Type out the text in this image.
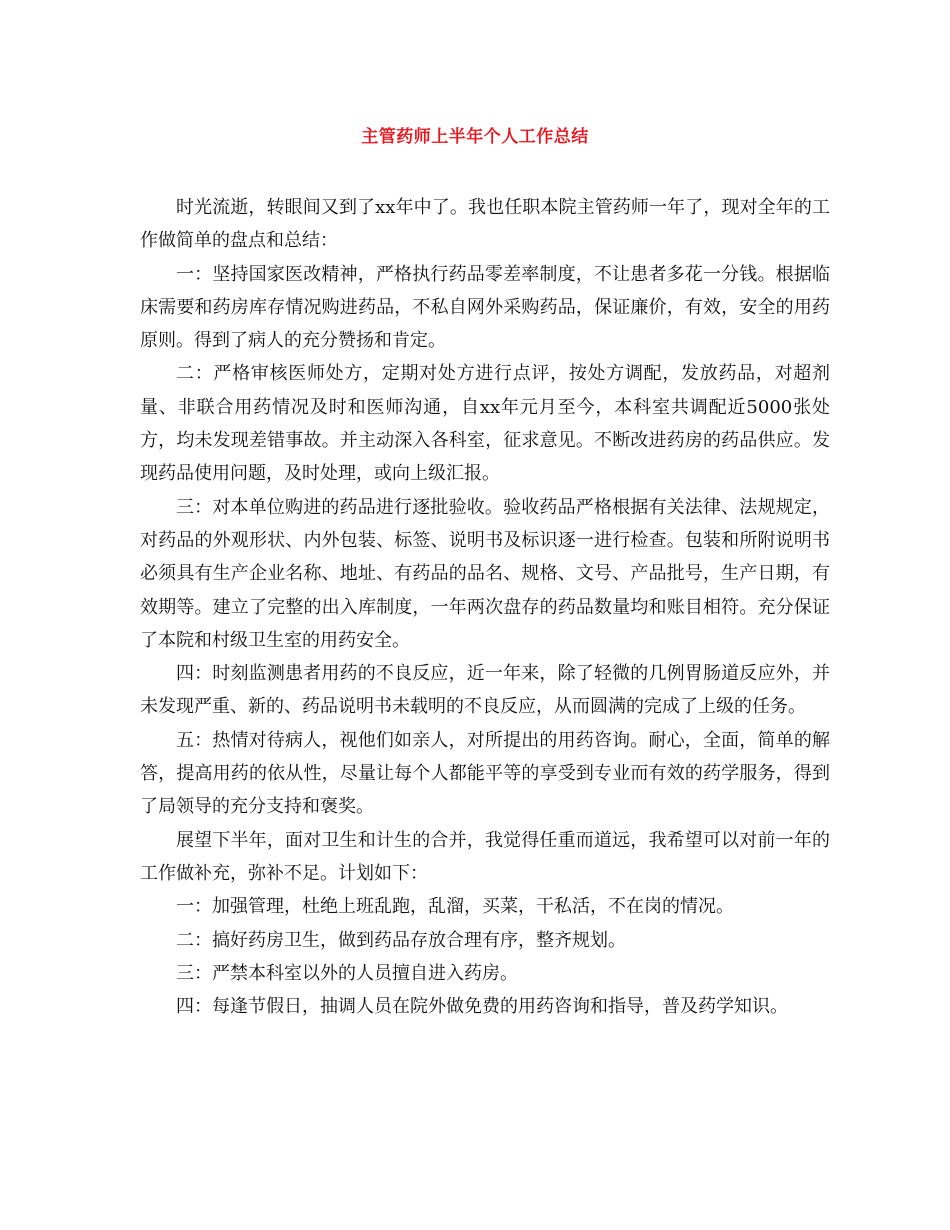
主管药师上半年个人工作总结

时光流逝，转眼间又到了xx年中了。我也任职本院主管药师一年了，现对全年的工作做简单的盘点和总结：

一：坚持国家医改精神，严格执行药品零差率制度，不让患者多花一分钱。根据临床需要和药房库存情况购进药品，不私自网外采购药品，保证廉价，有效，安全的用药原则。得到了病人的充分赞扬和肯定。

二：严格审核医师处方，定期对处方进行点评，按处方调配，发放药品，对超剂量、非联合用药情况及时和医师沟通，自xx年元月至今，本科室共调配近5000张处方，均未发现差错事故。并主动深入各科室，征求意见。不断改进药房的药品供应。发现药品使用问题，及时处理，或向上级汇报。

三：对本单位购进的药品进行逐批验收。验收药品严格根据有关法律、法规规定，对药品的外观形状、内外包装、标签、说明书及标识逐一进行检查。包装和所附说明书必须具有生产企业名称、地址、有药品的品名、规格、文号、产品批号，生产日期，有效期等。建立了完整的出入库制度，一年两次盘存的药品数量均和账目相符。充分保证了本院和村级卫生室的用药安全。

四：时刻监测患者用药的不良反应，近一年来，除了轻微的几例胃肠道反应外，并未发现严重、新的、药品说明书未载明的不良反应，从而圆满的完成了上级的任务。

五：热情对待病人，视他们如亲人，对所提出的用药咨询。耐心，全面，简单的解答，提高用药的依从性，尽量让每个人都能平等的享受到专业而有效的药学服务，得到了局领导的充分支持和褒奖。

展望下半年，面对卫生和计生的合并，我觉得任重而道远，我希望可以对前一年的工作做补充，弥补不足。计划如下：

一：加强管理，杜绝上班乱跑，乱溜，买菜，干私活，不在岗的情况。

二：搞好药房卫生，做到药品存放合理有序，整齐规划。

三：严禁本科室以外的人员擅自进入药房。

四：每逢节假日，抽调人员在院外做免费的用药咨询和指导，普及药学知识。
